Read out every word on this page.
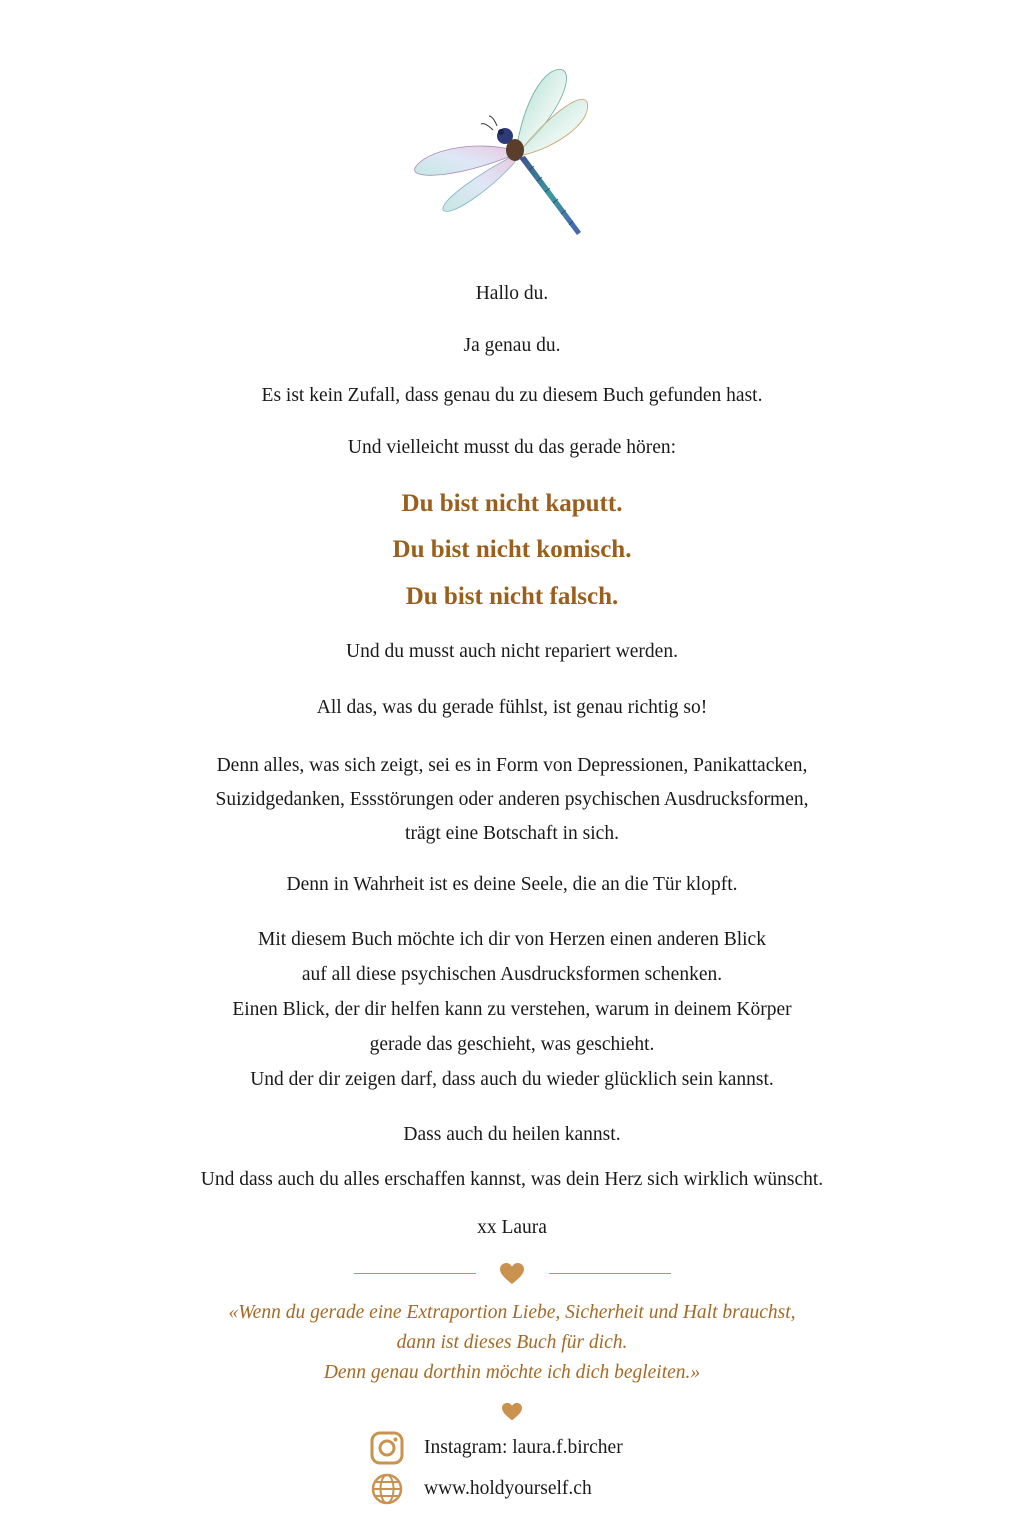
Hallo du.
Ja genau du.
Es ist kein Zufall, dass genau du zu diesem Buch gefunden hast.
Und vielleicht musst du das gerade hören:
Du bist nicht kaputt.
Du bist nicht komisch.
Du bist nicht falsch.
Und du musst auch nicht repariert werden.
All das, was du gerade fühlst, ist genau richtig so!
Denn alles, was sich zeigt, sei es in Form von Depressionen, Panikattacken,
Suizidgedanken, Essstörungen oder anderen psychischen Ausdrucksformen,
trägt eine Botschaft in sich.
Denn in Wahrheit ist es deine Seele, die an die Tür klopft.
Mit diesem Buch möchte ich dir von Herzen einen anderen Blick
auf all diese psychischen Ausdrucksformen schenken.
Einen Blick, der dir helfen kann zu verstehen, warum in deinem Körper
gerade das geschieht, was geschieht.
Und der dir zeigen darf, dass auch du wieder glücklich sein kannst.
Dass auch du heilen kannst.
Und dass auch du alles erschaffen kannst, was dein Herz sich wirklich wünscht.
xx Laura
«Wenn du gerade eine Extraportion Liebe, Sicherheit und Halt brauchst,
dann ist dieses Buch für dich.
Denn genau dorthin möchte ich dich begleiten.»
Instagram: laura.f.bircher
www.holdyourself.ch
